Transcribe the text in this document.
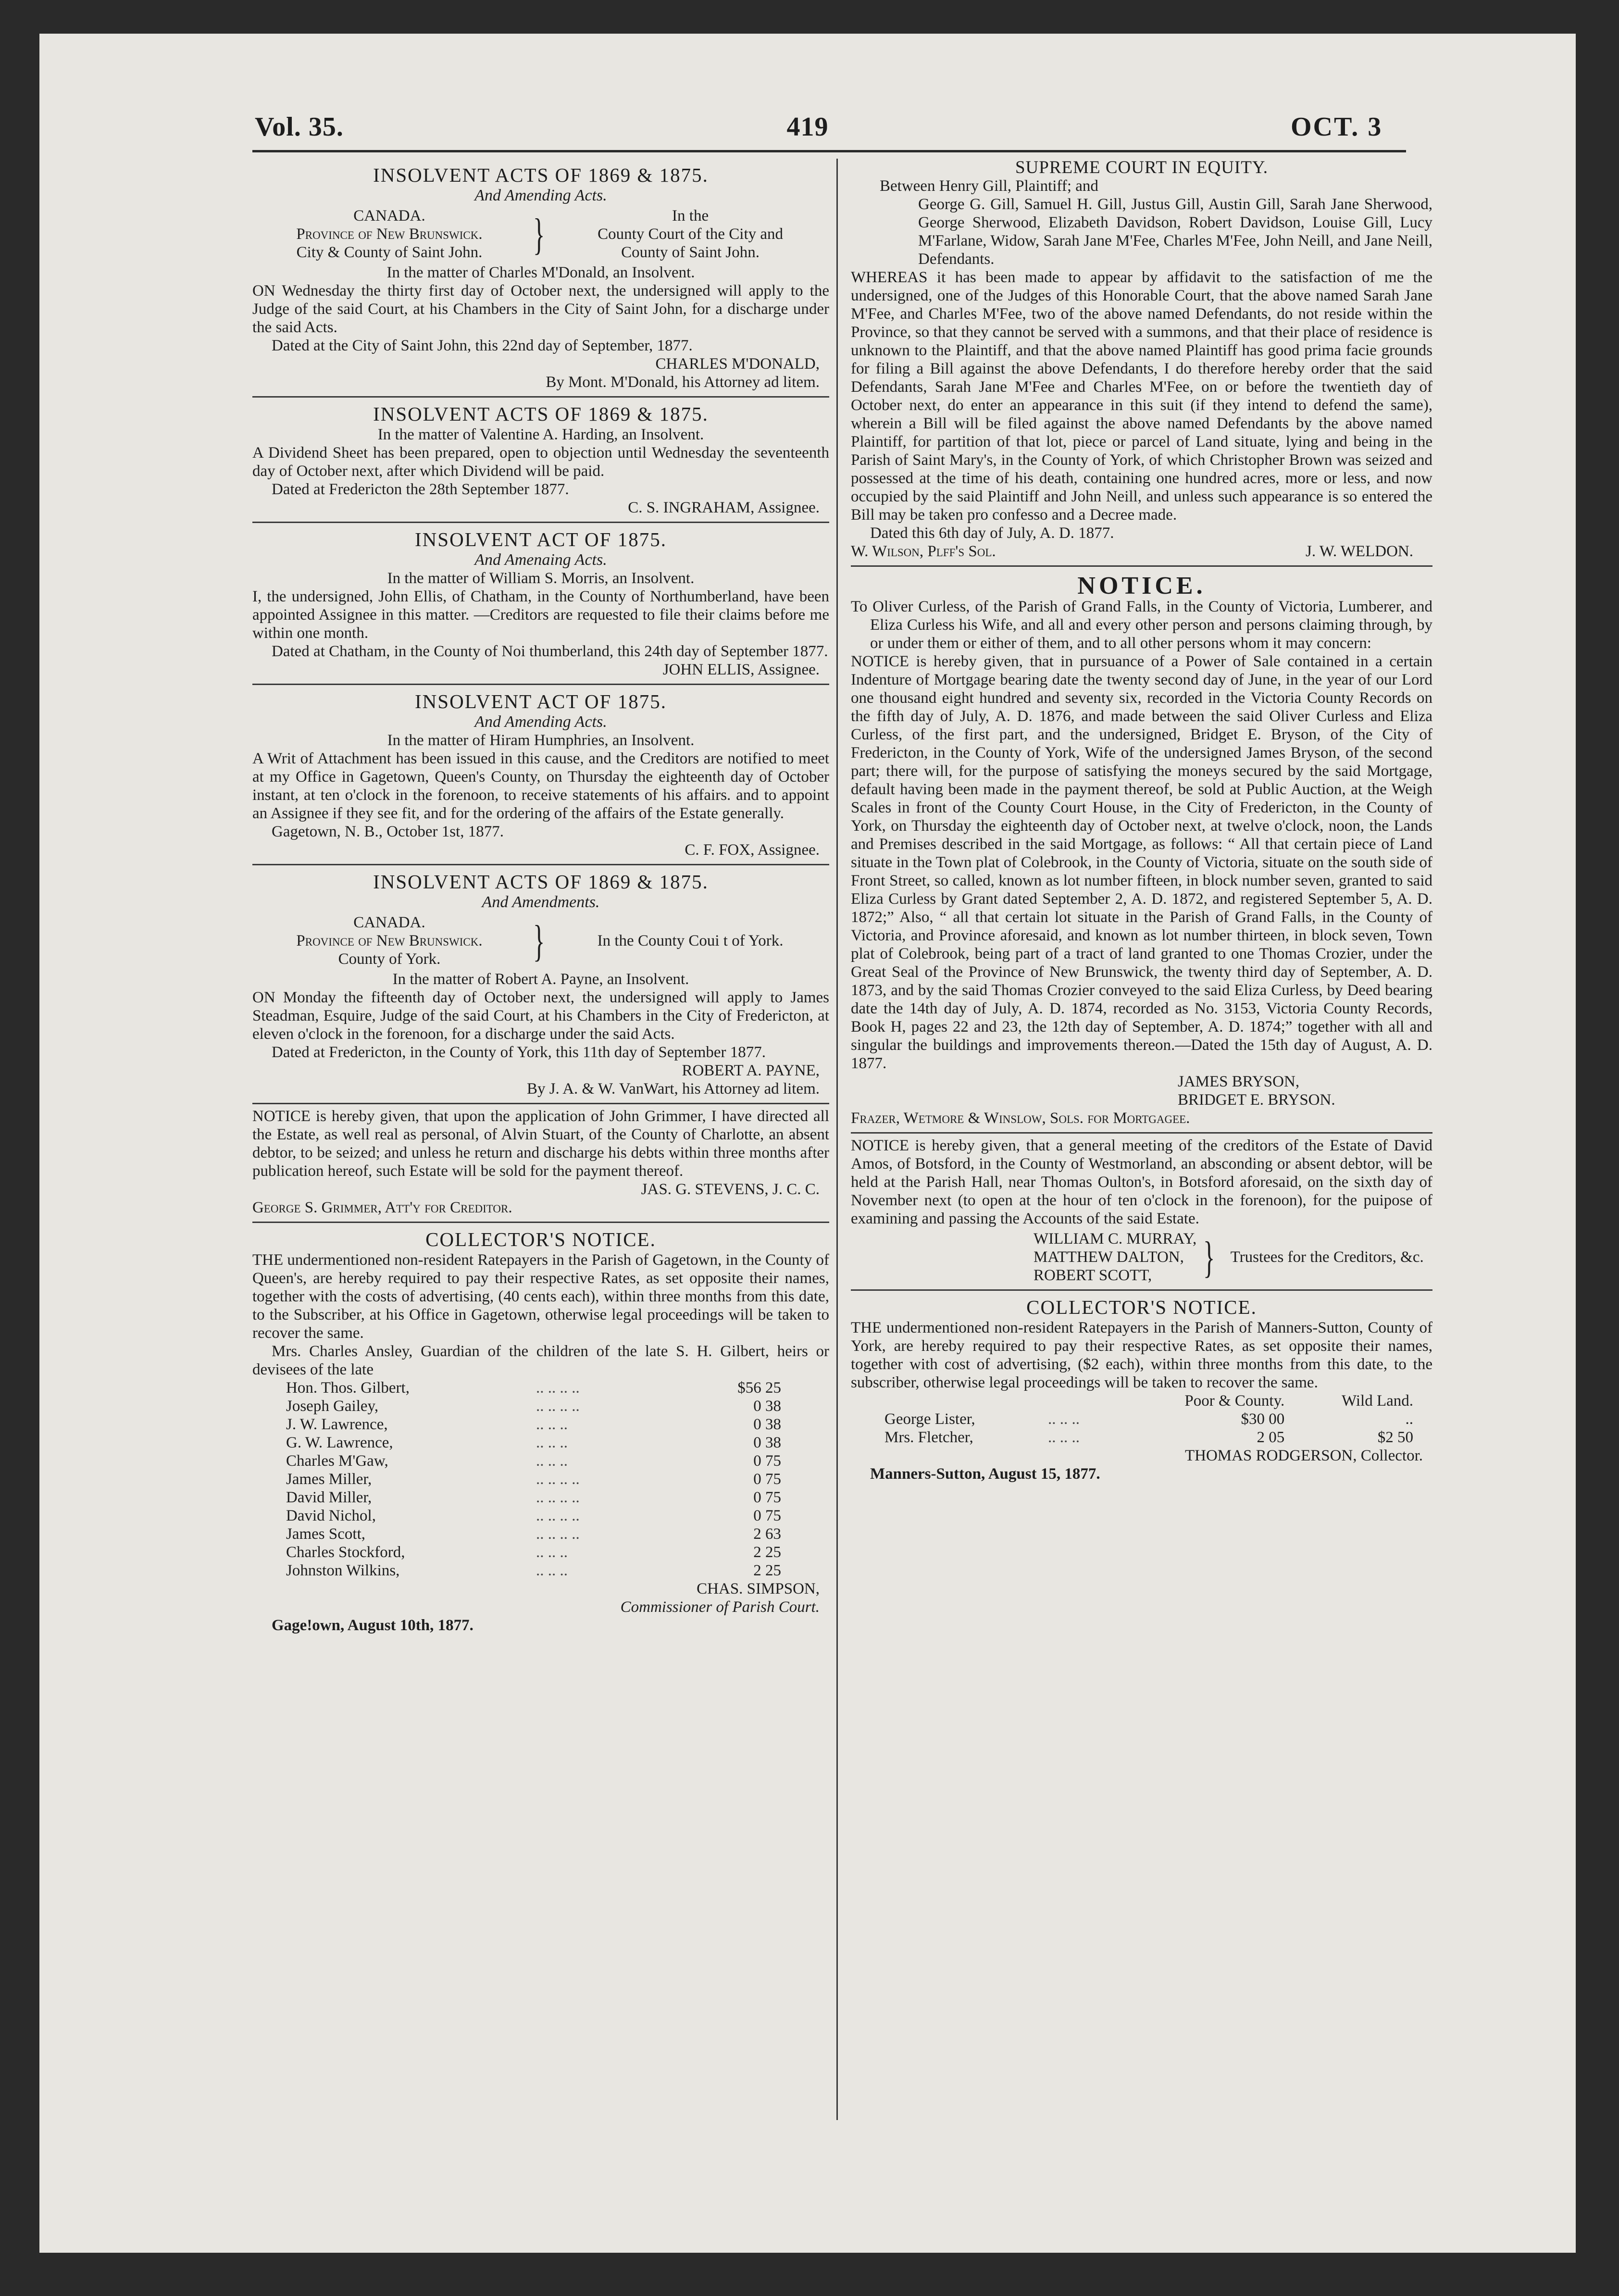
Vol. 35.	419	OCT. 3
INSOLVENT ACTS OF 1869 & 1875.
And Amending Acts.
CANADA.
Province of New Brunswick.
City & County of Saint John.	}	In the
County Court of the City and
County of Saint John.
In the matter of Charles M'Donald, an Insolvent.

ON Wednesday the thirty first day of October next, the undersigned will apply to the Judge of the said Court, at his Chambers in the City of Saint John, for a discharge under the said Acts.

Dated at the City of Saint John, this 22nd day of September, 1877.

CHARLES M'DONALD,
By Mont. M'Donald, his Attorney ad litem.
INSOLVENT ACTS OF 1869 & 1875.
In the matter of Valentine A. Harding, an Insolvent.

A Dividend Sheet has been prepared, open to objection until Wednesday the seventeenth day of October next, after which Dividend will be paid.

Dated at Fredericton the 28th September 1877.

C. S. INGRAHAM, Assignee.
INSOLVENT ACT OF 1875.
And Amenaing Acts.
In the matter of William S. Morris, an Insolvent.

I, the undersigned, John Ellis, of Chatham, in the County of Northumberland, have been appointed Assignee in this matter. —Creditors are requested to file their claims before me within one month.

Dated at Chatham, in the County of Noi thumberland, this 24th day of September 1877.

JOHN ELLIS, Assignee.
INSOLVENT ACT OF 1875.
And Amending Acts.
In the matter of Hiram Humphries, an Insolvent.

A Writ of Attachment has been issued in this cause, and the Creditors are notified to meet at my Office in Gagetown, Queen's County, on Thursday the eighteenth day of October instant, at ten o'clock in the forenoon, to receive statements of his affairs. and to appoint an Assignee if they see fit, and for the ordering of the affairs of the Estate generally.

Gagetown, N. B., October 1st, 1877.

C. F. FOX, Assignee.
INSOLVENT ACTS OF 1869 & 1875.
And Amendments.
CANADA.
Province of New Brunswick.
County of York.	}	In the County Coui t of York.
In the matter of Robert A. Payne, an Insolvent.

ON Monday the fifteenth day of October next, the undersigned will apply to James Steadman, Esquire, Judge of the said Court, at his Chambers in the City of Fredericton, at eleven o'clock in the forenoon, for a discharge under the said Acts.

Dated at Fredericton, in the County of York, this 11th day of September 1877.

ROBERT A. PAYNE,
By J. A. & W. VanWart, his Attorney ad litem.

NOTICE is hereby given, that upon the application of John Grimmer, I have directed all the Estate, as well real as personal, of Alvin Stuart, of the County of Charlotte, an absent debtor, to be seized; and unless he return and discharge his debts within three months after publication hereof, such Estate will be sold for the payment thereof.

JAS. G. STEVENS, J. C. C.
George S. Grimmer, Att'y for Creditor.
COLLECTOR'S NOTICE.

THE undermentioned non-resident Ratepayers in the Parish of Gagetown, in the County of Queen's, are hereby required to pay their respective Rates, as set opposite their names, together with the costs of advertising, (40 cents each), within three months from this date, to the Subscriber, at his Office in Gagetown, otherwise legal proceedings will be taken to recover the same.

Mrs. Charles Ansley, Guardian of the children of the late S. H. Gilbert, heirs or devisees of the late

Hon. Thos. Gilbert,	.. .. .. ..	$56 25
Joseph Gailey,	.. .. .. ..	0 38
J. W. Lawrence,	.. .. ..	0 38
G. W. Lawrence,	.. .. ..	0 38
Charles M'Gaw,	.. .. ..	0 75
James Miller,	.. .. .. ..	0 75
David Miller,	.. .. .. ..	0 75
David Nichol,	.. .. .. ..	0 75
James Scott,	.. .. .. ..	2 63
Charles Stockford,	.. .. ..	2 25
Johnston Wilkins,	.. .. ..	2 25
CHAS. SIMPSON,
Commissioner of Parish Court.
Gage!own, August 10th, 1877.
SUPREME COURT IN EQUITY.
Between Henry Gill, Plaintiff; and

George G. Gill, Samuel H. Gill, Justus Gill, Austin Gill, Sarah Jane Sherwood, George Sherwood, Elizabeth Davidson, Robert Davidson, Louise Gill, Lucy M'Farlane, Widow, Sarah Jane M'Fee, Charles M'Fee, John Neill, and Jane Neill, Defendants.

WHEREAS it has been made to appear by affidavit to the satisfaction of me the undersigned, one of the Judges of this Honorable Court, that the above named Sarah Jane M'Fee, and Charles M'Fee, two of the above named Defendants, do not reside within the Province, so that they cannot be served with a summons, and that their place of residence is unknown to the Plaintiff, and that the above named Plaintiff has good prima facie grounds for filing a Bill against the above Defendants, I do therefore hereby order that the said Defendants, Sarah Jane M'Fee and Charles M'Fee, on or before the twentieth day of October next, do enter an appearance in this suit (if they intend to defend the same), wherein a Bill will be filed against the above named Defendants by the above named Plaintiff, for partition of that lot, piece or parcel of Land situate, lying and being in the Parish of Saint Mary's, in the County of York, of which Christopher Brown was seized and possessed at the time of his death, containing one hundred acres, more or less, and now occupied by the said Plaintiff and John Neill, and unless such appearance is so entered the Bill may be taken pro confesso and a Decree made.

Dated this 6th day of July, A. D. 1877.

W. Wilson, Plff's Sol.	J. W. WELDON.
NOTICE.

To Oliver Curless, of the Parish of Grand Falls, in the County of Victoria, Lumberer, and Eliza Curless his Wife, and all and every other person and persons claiming through, by or under them or either of them, and to all other persons whom it may concern:

NOTICE is hereby given, that in pursuance of a Power of Sale contained in a certain Indenture of Mortgage bearing date the twenty second day of June, in the year of our Lord one thousand eight hundred and seventy six, recorded in the Victoria County Records on the fifth day of July, A. D. 1876, and made between the said Oliver Curless and Eliza Curless, of the first part, and the undersigned, Bridget E. Bryson, of the City of Fredericton, in the County of York, Wife of the undersigned James Bryson, of the second part; there will, for the purpose of satisfying the moneys secured by the said Mortgage, default having been made in the payment thereof, be sold at Public Auction, at the Weigh Scales in front of the County Court House, in the City of Fredericton, in the County of York, on Thursday the eighteenth day of October next, at twelve o'clock, noon, the Lands and Premises described in the said Mortgage, as follows: “ All that certain piece of Land situate in the Town plat of Colebrook, in the County of Victoria, situate on the south side of Front Street, so called, known as lot number fifteen, in block number seven, granted to said Eliza Curless by Grant dated September 2, A. D. 1872, and registered September 5, A. D. 1872;” Also, “ all that certain lot situate in the Parish of Grand Falls, in the County of Victoria, and Province aforesaid, and known as lot number thirteen, in block seven, Town plat of Colebrook, being part of a tract of land granted to one Thomas Crozier, under the Great Seal of the Province of New Brunswick, the twenty third day of September, A. D. 1873, and by the said Thomas Crozier conveyed to the said Eliza Curless, by Deed bearing date the 14th day of July, A. D. 1874, recorded as No. 3153, Victoria County Records, Book H, pages 22 and 23, the 12th day of September, A. D. 1874;” together with all and singular the buildings and improvements thereon.—Dated the 15th day of August, A. D. 1877.

JAMES BRYSON,
BRIDGET E. BRYSON.
Frazer, Wetmore & Winslow, Sols. for Mortgagee.

NOTICE is hereby given, that a general meeting of the creditors of the Estate of David Amos, of Botsford, in the County of Westmorland, an absconding or absent debtor, will be held at the Parish Hall, near Thomas Oulton's, in Botsford aforesaid, on the sixth day of November next (to open at the hour of ten o'clock in the forenoon), for the puipose of examining and passing the Accounts of the said Estate.

WILLIAM C. MURRAY,
MATTHEW DALTON,
ROBERT SCOTT,	} Trustees for the Creditors, &c.
COLLECTOR'S NOTICE.

THE undermentioned non-resident Ratepayers in the Parish of Manners-Sutton, County of York, are hereby required to pay their respective Rates, as set opposite their names, together with cost of advertising, ($2 each), within three months from this date, to the subscriber, otherwise legal proceedings will be taken to recover the same.

		Poor & County.	Wild Land.
George Lister,	.. .. ..	$30 00	..
Mrs. Fletcher,	.. .. ..	2 05	$2 50
THOMAS RODGERSON, Collector.
Manners-Sutton, August 15, 1877.
